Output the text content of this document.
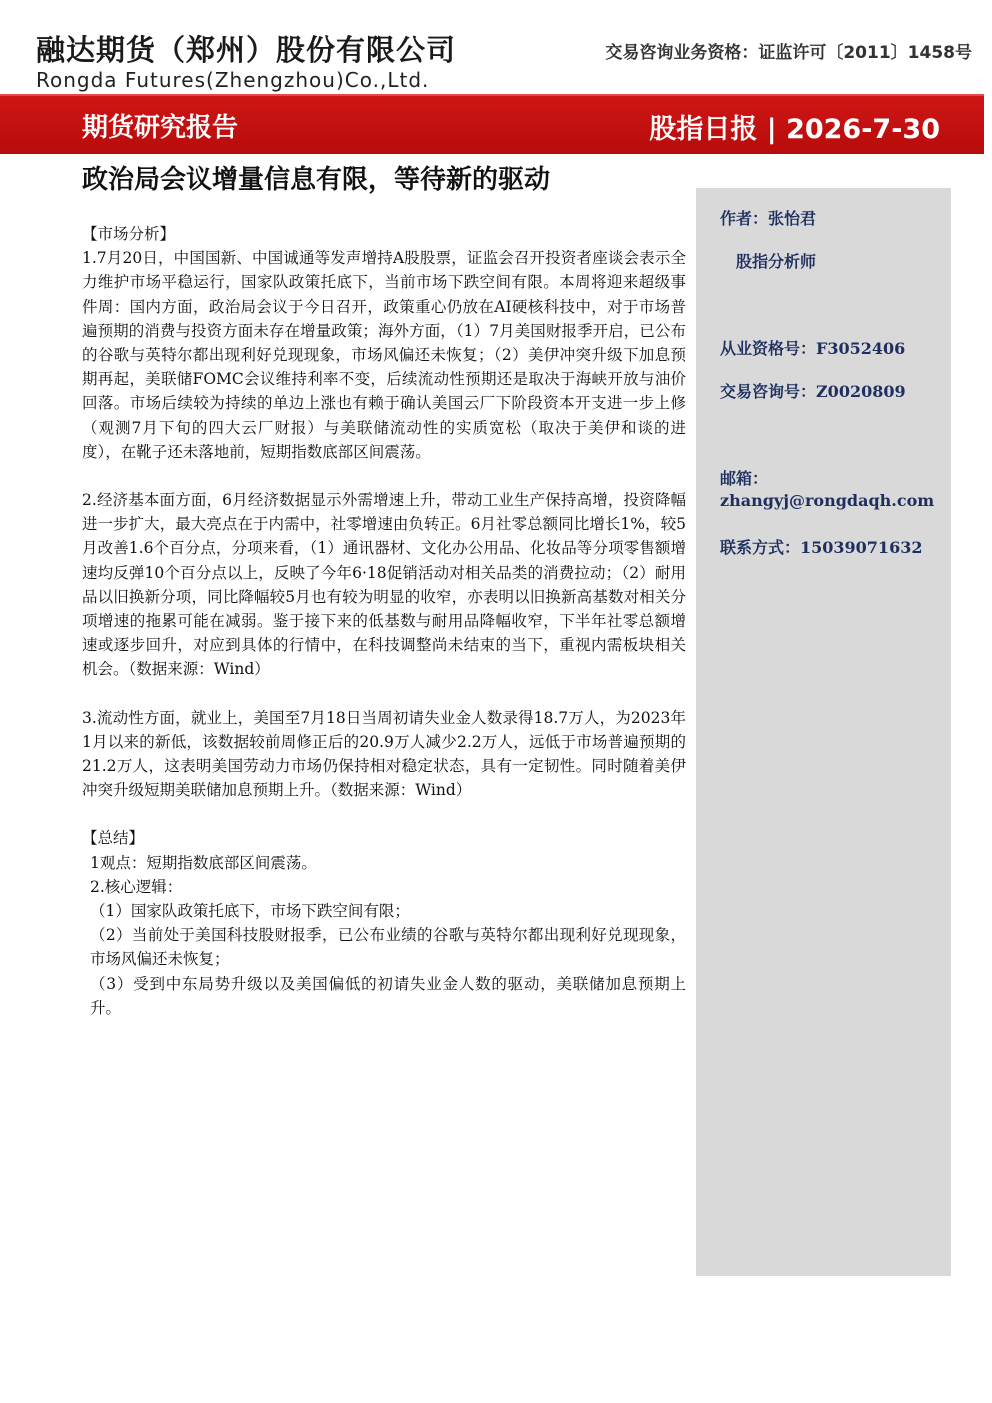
融达期货（郑州）股份有限公司
Rongda Futures(Zhengzhou)Co.,Ltd.
交易咨询业务资格：证监许可〔2011〕1458号
期货研究报告	股指日报 | 2026-7-30
政治局会议增量信息有限，等待新的驱动
作者：张怡君
股指分析师
从业资格号：F3052406
交易咨询号：Z0020809
邮箱：
zhangyj@rongdaqh.com
联系方式：15039071632

【市场分析】

1.7月20日，中国国新、中国诚通等发声增持A股股票，证监会召开投资者座谈会表示全力维护市场平稳运行，国家队政策托底下，当前市场下跌空间有限。本周将迎来超级事件周：国内方面，政治局会议于今日召开，政策重心仍放在AI硬核科技中，对于市场普遍预期的消费与投资方面未存在增量政策；海外方面，（1）7月美国财报季开启，已公布的谷歌与英特尔都出现利好兑现现象，市场风偏还未恢复；（2）美伊冲突升级下加息预期再起，美联储FOMC会议维持利率不变，后续流动性预期还是取决于海峡开放与油价回落。市场后续较为持续的单边上涨也有赖于确认美国云厂下阶段资本开支进一步上修（观测7月下旬的四大云厂财报）与美联储流动性的实质宽松（取决于美伊和谈的进度），在靴子还未落地前，短期指数底部区间震荡。

2.经济基本面方面，6月经济数据显示外需增速上升，带动工业生产保持高增，投资降幅进一步扩大，最大亮点在于内需中，社零增速由负转正。6月社零总额同比增长1%，较5月改善1.6个百分点，分项来看，（1）通讯器材、文化办公用品、化妆品等分项零售额增速均反弹10个百分点以上，反映了今年6·18促销活动对相关品类的消费拉动；（2）耐用品以旧换新分项，同比降幅较5月也有较为明显的收窄，亦表明以旧换新高基数对相关分项增速的拖累可能在减弱。鉴于接下来的低基数与耐用品降幅收窄，下半年社零总额增速或逐步回升，对应到具体的行情中，在科技调整尚未结束的当下，重视内需板块相关机会。（数据来源：Wind）

3.流动性方面，就业上，美国至7月18日当周初请失业金人数录得18.7万人，为2023年1月以来的新低，该数据较前周修正后的20.9万人减少2.2万人，远低于市场普遍预期的21.2万人，这表明美国劳动力市场仍保持相对稳定状态，具有一定韧性。同时随着美伊冲突升级短期美联储加息预期上升。（数据来源：Wind）

【总结】

1观点：短期指数底部区间震荡。

2.核心逻辑：

（1）国家队政策托底下，市场下跌空间有限；

（2）当前处于美国科技股财报季，已公布业绩的谷歌与英特尔都出现利好兑现现象，市场风偏还未恢复；

（3）受到中东局势升级以及美国偏低的初请失业金人数的驱动，美联储加息预期上升。
